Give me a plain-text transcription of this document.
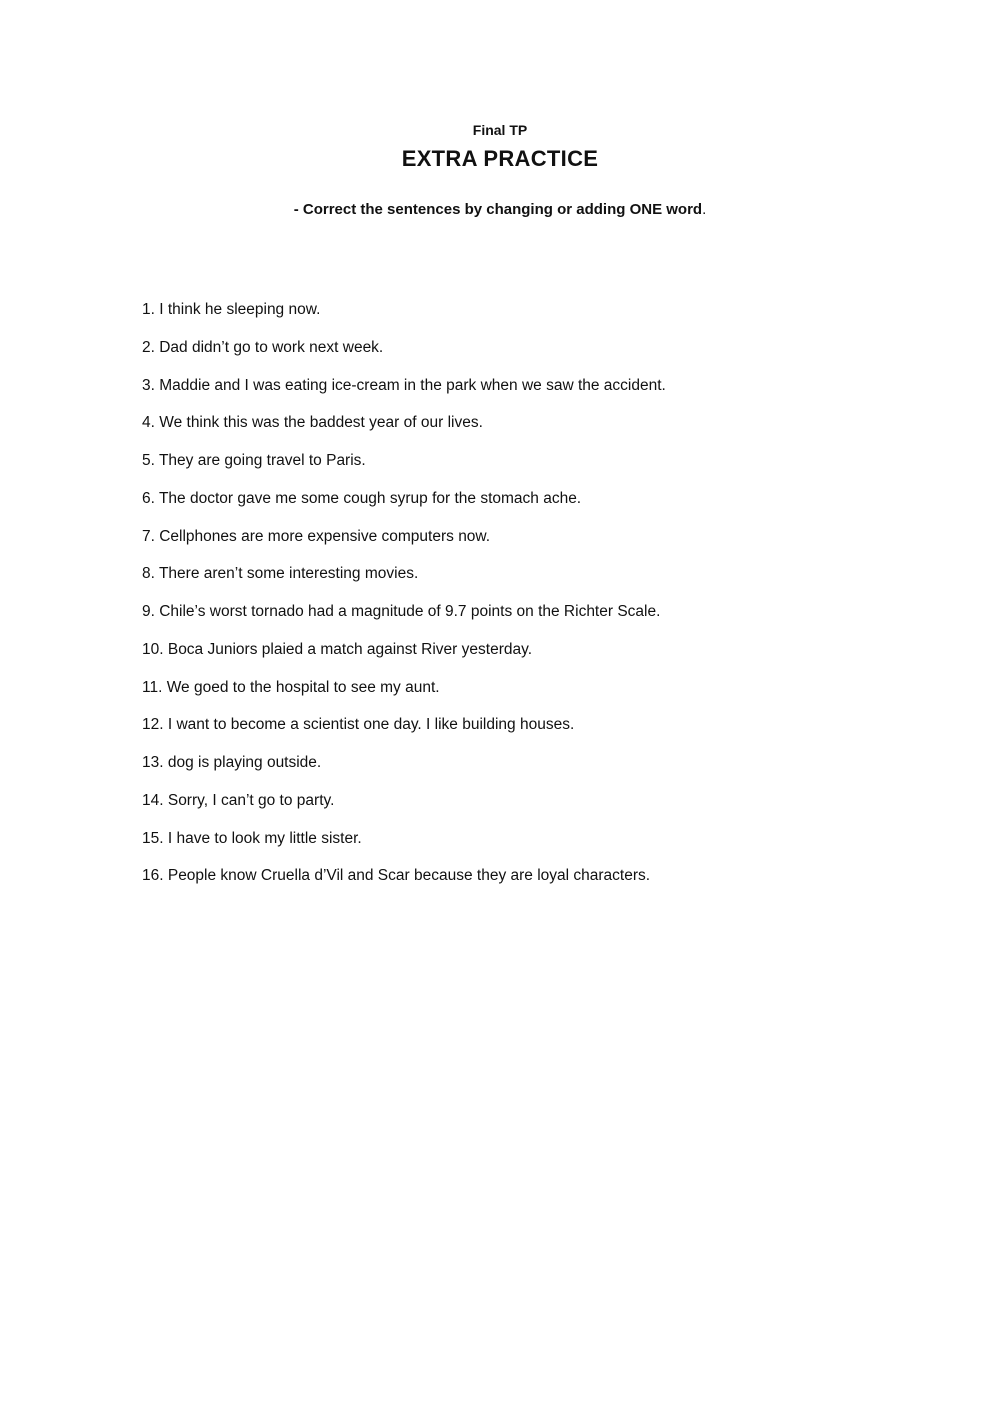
Final TP

EXTRA PRACTICE

- Correct the sentences by changing or adding ONE word.

1. I think he sleeping now.
2. Dad didn’t go to work next week.
3. Maddie and I was eating ice-cream in the park when we saw the accident.
4. We think this was the baddest year of our lives.
5. They are going travel to Paris.
6. The doctor gave me some cough syrup for the stomach ache.
7. Cellphones are more expensive computers now.
8. There aren’t some interesting movies.
9. Chile’s worst tornado had a magnitude of 9.7 points on the Richter Scale.
10. Boca Juniors plaied a match against River yesterday.
11. We goed to the hospital to see my aunt.
12. I want to become a scientist one day. I like building houses.
13. dog is playing outside.
14. Sorry, I can’t go to party.
15. I have to look my little sister.
16. People know Cruella d’Vil and Scar because they are loyal characters.
